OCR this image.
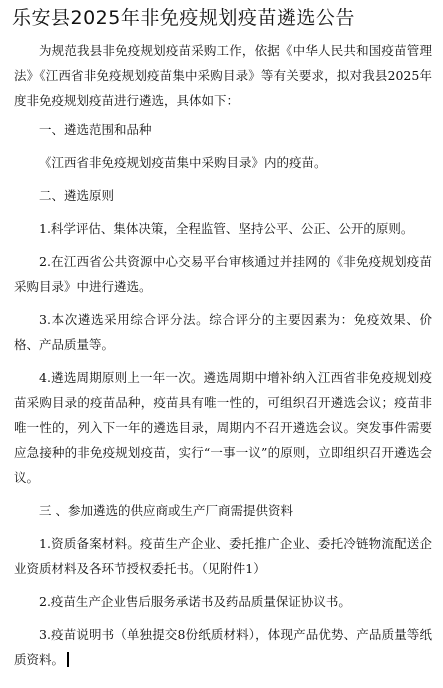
乐安县2025年非免疫规划疫苗遴选公告

为规范我县非免疫规划疫苗采购工作，依据《中华人民共和国疫苗管理法》《江西省非免疫规划疫苗集中采购目录》等有关要求，拟对我县2025年度非免疫规划疫苗进行遴选，具体如下：

一、遴选范围和品种

《江西省非免疫规划疫苗集中采购目录》内的疫苗。

二、遴选原则

1.科学评估、集体决策，全程监管、坚持公平、公正、公开的原则。

2.在江西省公共资源中心交易平台审核通过并挂网的《非免疫规划疫苗采购目录》中进行遴选。

3.本次遴选采用综合评分法。综合评分的主要因素为：免疫效果、价格、产品质量等。

4.遴选周期原则上一年一次。遴选周期中增补纳入江西省非免疫规划疫苗采购目录的疫苗品种，疫苗具有唯一性的，可组织召开遴选会议；疫苗非唯一性的，列入下一年的遴选目录，周期内不召开遴选会议。突发事件需要应急接种的非免疫规划疫苗，实行“一事一议”的原则，立即组织召开遴选会议。

三 、参加遴选的供应商或生产厂商需提供资料

1.资质备案材料。疫苗生产企业、委托推广企业、委托冷链物流配送企业资质材料及各环节授权委托书。（见附件1）

2.疫苗生产企业售后服务承诺书及药品质量保证协议书。

3.疫苗说明书（单独提交8份纸质材料），体现产品优势、产品质量等纸质资料。
